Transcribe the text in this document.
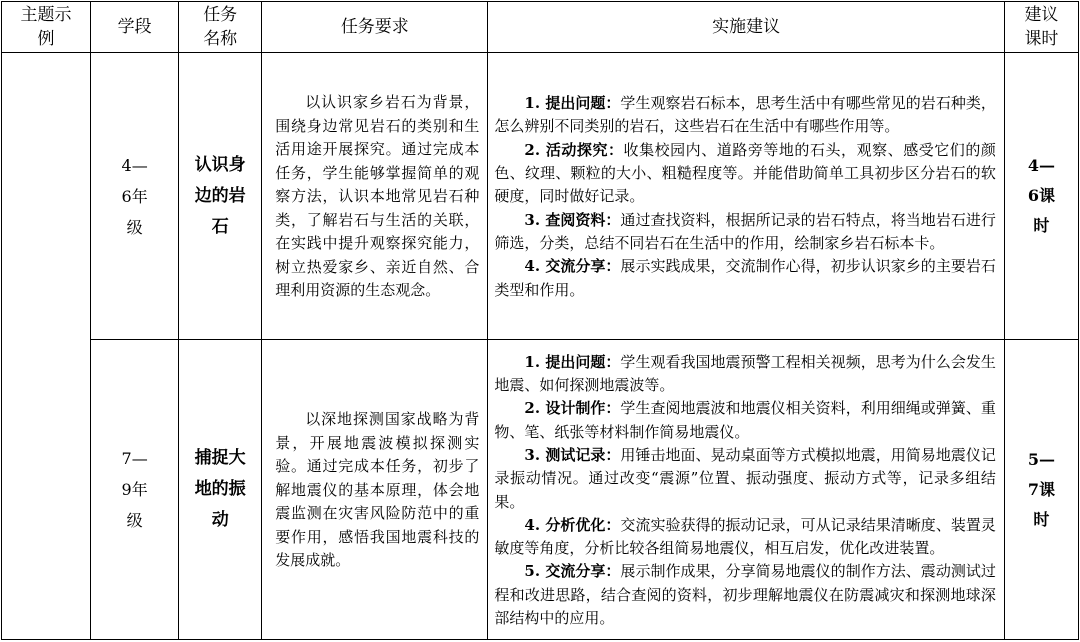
主题示例	学段	任务名称	任务要求	实施建议	建议课时

	4—6年级	认识身边的岩石	以认识家乡岩石为背景，围绕身边常见岩石的类别和生活用途开展探究。通过完成本任务，学生能够掌握简单的观察方法，认识本地常见岩石种类，了解岩石与生活的关联，在实践中提升观察探究能力，树立热爱家乡、亲近自然、合理利用资源的生态观念。	1. 提出问题：学生观察岩石标本，思考生活中有哪些常见的岩石种类，怎么辨别不同类别的岩石，这些岩石在生活中有哪些作用等。
2. 活动探究：收集校园内、道路旁等地的石头，观察、感受它们的颜色、纹理、颗粒的大小、粗糙程度等。并能借助简单工具初步区分岩石的软硬度，同时做好记录。
3. 查阅资料：通过查找资料，根据所记录的岩石特点，将当地岩石进行筛选，分类，总结不同岩石在生活中的作用，绘制家乡岩石标本卡。
4. 交流分享：展示实践成果，交流制作心得，初步认识家乡的主要岩石类型和作用。	4—6课时

	7—9年级	捕捉大地的振动	以深地探测国家战略为背景，开展地震波模拟探测实验。通过完成本任务，初步了解地震仪的基本原理，体会地震监测在灾害风险防范中的重要作用，感悟我国地震科技的发展成就。	1. 提出问题：学生观看我国地震预警工程相关视频，思考为什么会发生地震、如何探测地震波等。
2. 设计制作：学生查阅地震波和地震仪相关资料，利用细绳或弹簧、重物、笔、纸张等材料制作简易地震仪。
3. 测试记录：用锤击地面、晃动桌面等方式模拟地震，用简易地震仪记录振动情况。通过改变“震源”位置、振动强度、振动方式等，记录多组结果。
4. 分析优化：交流实验获得的振动记录，可从记录结果清晰度、装置灵敏度等角度，分析比较各组简易地震仪，相互启发，优化改进装置。
5. 交流分享：展示制作成果，分享简易地震仪的制作方法、震动测试过程和改进思路，结合查阅的资料，初步理解地震仪在防震减灾和探测地球深部结构中的应用。	5—7课时
